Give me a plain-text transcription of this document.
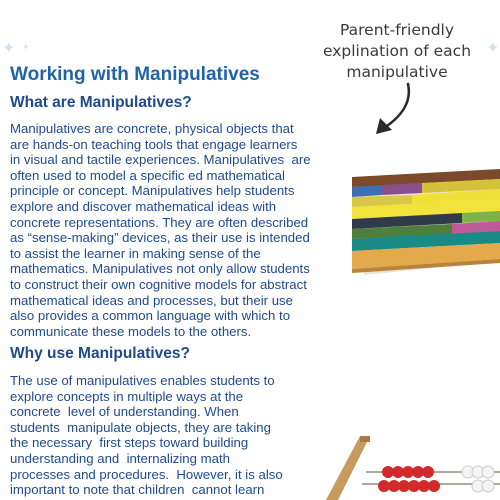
✦ ✦	✦
Parent-friendly
explination of each
manipulative
Working with Manipulatives
What are Manipulatives?
Manipulatives are concrete, physical objects that
are hands-on teaching tools that engage learners
in visual and tactile experiences. Manipulatives  are
often used to model a specific ed mathematical
principle or concept. Manipulatives help students
explore and discover mathematical ideas with
concrete representations. They are often described
as “sense-making” devices, as their use is intended
to assist the learner in making sense of the
mathematics. Manipulatives not only allow students
to construct their own cognitive models for abstract
mathematical ideas and processes, but their use
also provides a common language with which to
communicate these models to the others.
Why use Manipulatives?
The use of manipulatives enables students to
explore concepts in multiple ways at the
concrete  level of understanding. When
students  manipulate objects, they are taking
the necessary  first steps toward building
understanding and  internalizing math
processes and procedures.  However, it is also
important to note that children  cannot learn
